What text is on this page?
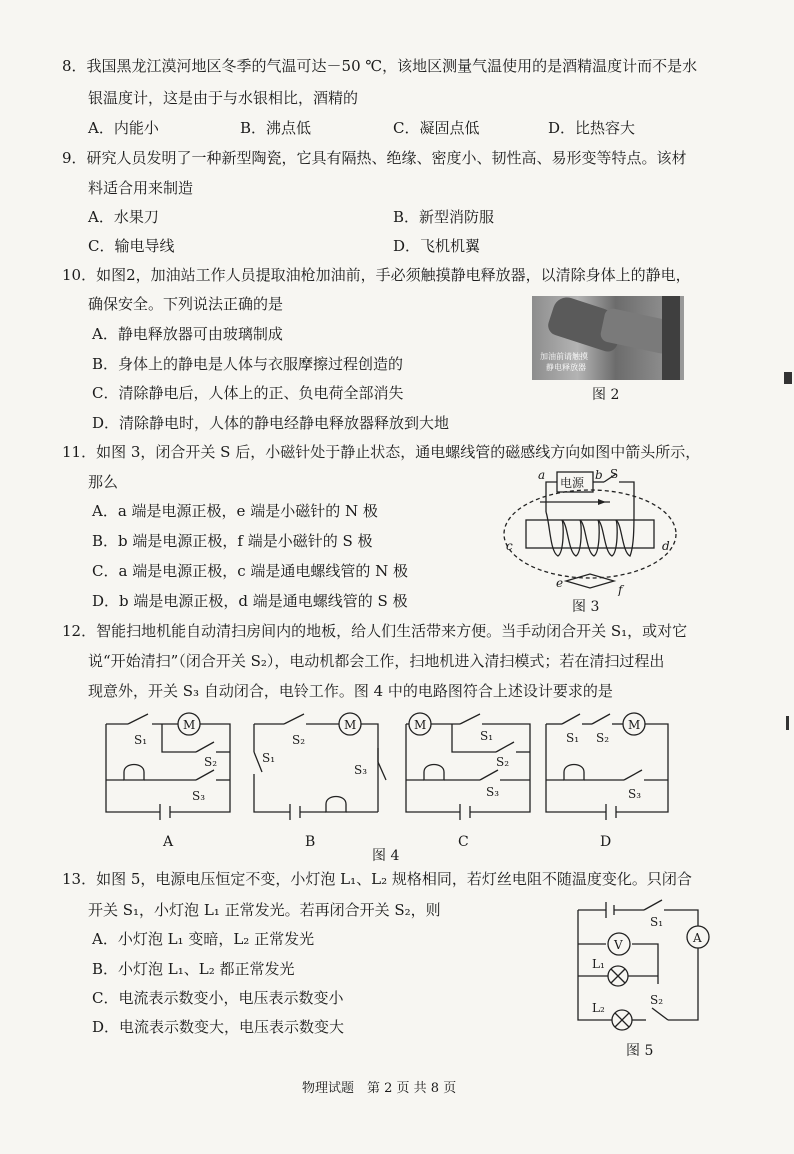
8．我国黑龙江漠河地区冬季的气温可达－50 ℃，该地区测量气温使用的是酒精温度计而不是水
银温度计，这是由于与水银相比，酒精的
A．内能小	B．沸点低	C．凝固点低	D．比热容大
9．研究人员发明了一种新型陶瓷，它具有隔热、绝缘、密度小、韧性高、易形变等特点。该材
料适合用来制造
A．水果刀	B．新型消防服
C．输电导线	D．飞机机翼
10．如图2，加油站工作人员提取油枪加油前，手必须触摸静电释放器，以清除身体上的静电，
确保安全。下列说法正确的是
A．静电释放器可由玻璃制成
B．身体上的静电是人体与衣服摩擦过程创造的
C．清除静电后，人体上的正、负电荷全部消失
D．清除静电时，人体的静电经静电释放器释放到大地
加油前请触摸
静电释放器
图 2
11．如图 3，闭合开关 S 后，小磁针处于静止状态，通电螺线管的磁感线方向如图中箭头所示，
那么
A．a 端是电源正极，e 端是小磁针的 N 极
B．b 端是电源正极，f 端是小磁针的 S 极
C．a 端是电源正极，c 端是通电螺线管的 N 极
D．b 端是电源正极，d 端是通电螺线管的 S 极
a
电源
b S
c	d
e	f
图 3
12．智能扫地机能自动清扫房间内的地板，给人们生活带来方便。当手动闭合开关 S₁，或对它
说“开始清扫”（闭合开关 S₂），电动机都会工作，扫地机进入清扫模式；若在清扫过程出
现意外，开关 S₃ 自动闭合，电铃工作。图 4 中的电路图符合上述设计要求的是
M	M	M	M
S₁
S₂
S₃
S₂
S₁
S₃
S₁
S₂
S₃
S₁ S₂
S₃
A	B	C	D
图 4
13．如图 5，电源电压恒定不变，小灯泡 L₁、L₂ 规格相同，若灯丝电阻不随温度变化。只闭合
开关 S₁，小灯泡 L₁ 正常发光。若再闭合开关 S₂，则
A．小灯泡 L₁ 变暗，L₂ 正常发光
B．小灯泡 L₁、L₂ 都正常发光
C．电流表示数变小，电压表示数变小
D．电流表示数变大，电压表示数变大
V	A
S₁
S₂
L₁
L₂
图 5
物理试题　第 2 页 共 8 页
